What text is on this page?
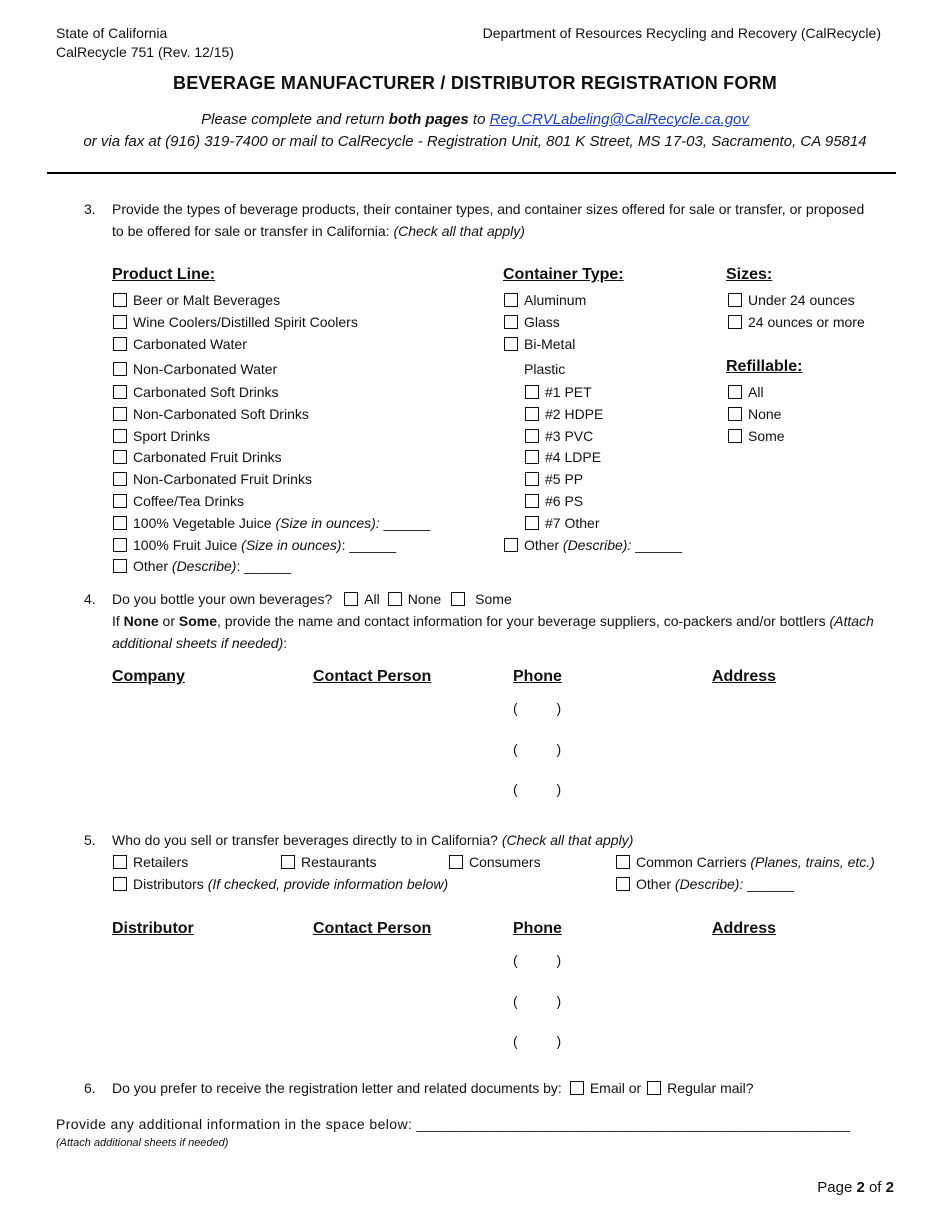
State of California
CalRecycle 751 (Rev. 12/15)
Department of Resources Recycling and Recovery (CalRecycle)
BEVERAGE MANUFACTURER / DISTRIBUTOR REGISTRATION FORM
Please complete and return both pages to Reg.CRVLabeling@CalRecycle.ca.gov
or via fax at (916) 319-7400 or mail to CalRecycle - Registration Unit, 801 K Street, MS 17-03, Sacramento, CA 95814
3. Provide the types of beverage products, their container types, and container sizes offered for sale or transfer, or proposed
to be offered for sale or transfer in California: (Check all that apply)
Product Line:	Container Type:	Sizes:
Refillable:
Beer or Malt Beverages
Wine Coolers/Distilled Spirit Coolers
Carbonated Water
Non-Carbonated Water
Carbonated Soft Drinks
Non-Carbonated Soft Drinks
Sport Drinks
Carbonated Fruit Drinks
Non-Carbonated Fruit Drinks
Coffee/Tea Drinks
100% Vegetable Juice (Size in ounces): ______
100% Fruit Juice (Size in ounces): ______
Other (Describe): ______
Aluminum
Glass
Bi-Metal
Plastic
#1 PET
#2 HDPE
#3 PVC
#4 LDPE
#5 PP
#6 PS
#7 Other
Other (Describe): ______
Under 24 ounces
24 ounces or more
All
None
Some
4. Do you bottle your own beverages? All None Some
If None or Some, provide the name and contact information for your beverage suppliers, co-packers and/or bottlers (Attach
additional sheets if needed):
Company	Contact Person	Phone	Address
(          )
(          )
(          )
5. Who do you sell or transfer beverages directly to in California? (Check all that apply)
Retailers	Restaurants	Consumers	Common Carriers (Planes, trains, etc.)
Distributors (If checked, provide information below)	Other (Describe): ______
Distributor	Contact Person	Phone	Address
(          )
(          )
(          )
6. Do you prefer to receive the registration letter and related documents by: Email or Regular mail?
Provide any additional information in the space below: _____________________________________________________
(Attach additional sheets if needed)
Page 2 of 2
